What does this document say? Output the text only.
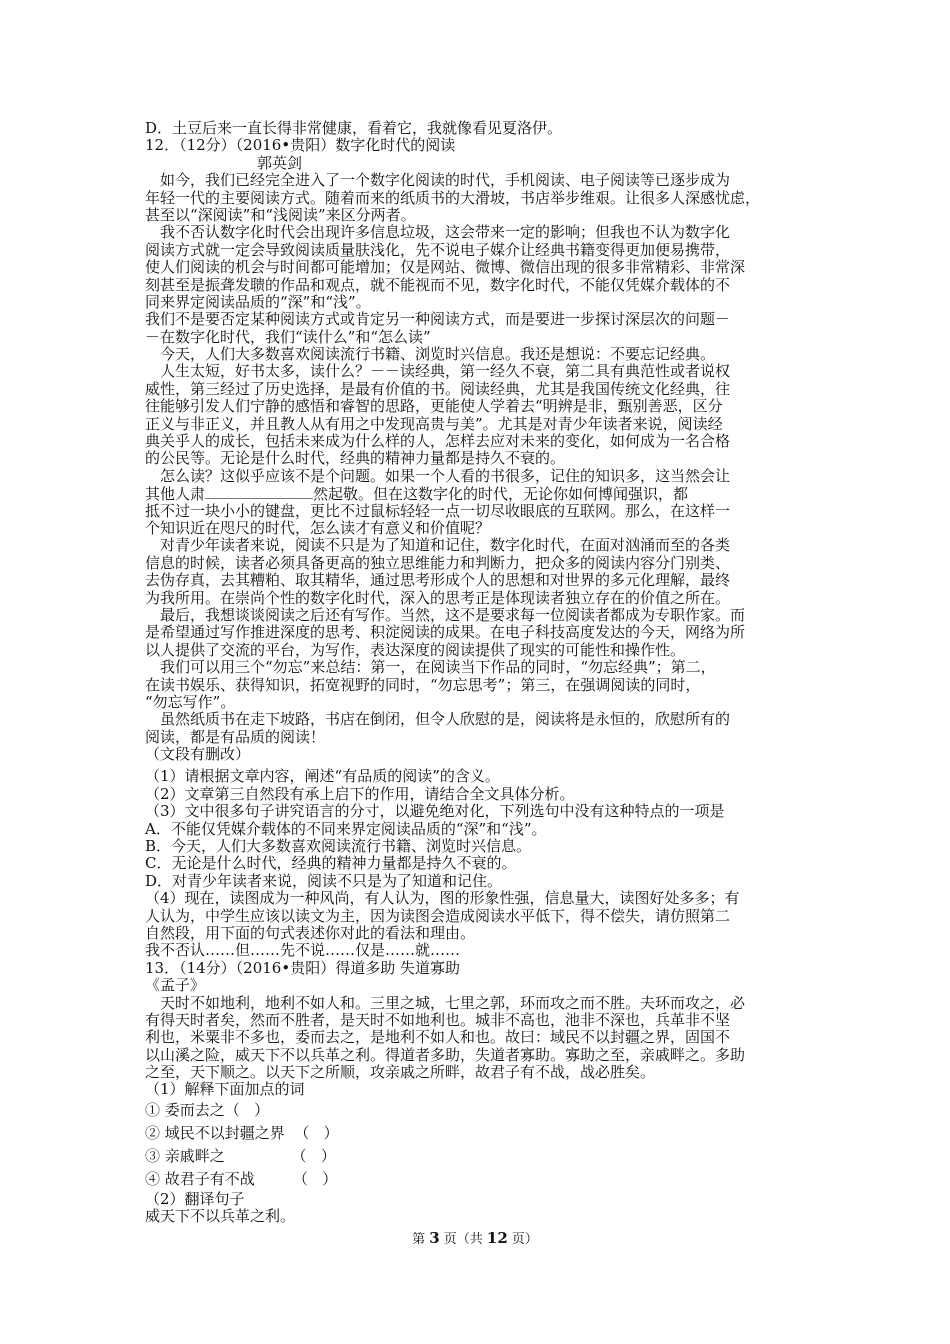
D．土豆后来一直长得非常健康，看着它，我就像看见夏洛伊。
12．（12分）（2016•贵阳）数字化时代的阅读
郭英剑
如今，我们已经完全进入了一个数字化阅读的时代，手机阅读、电子阅读等已逐步成为
年轻一代的主要阅读方式。随着而来的纸质书的大滑坡，书店举步维艰。让很多人深感忧虑，
甚至以“深阅读”和“浅阅读”来区分两者。
我不否认数字化时代会出现许多信息垃圾，这会带来一定的影响；但我也不认为数字化
阅读方式就一定会导致阅读质量肤浅化，先不说电子媒介让经典书籍变得更加便易携带，
使人们阅读的机会与时间都可能增加；仅是网站、微博、微信出现的很多非常精彩、非常深
刻甚至是振聋发聩的作品和观点，就不能视而不见，数字化时代，不能仅凭媒介载体的不
同来界定阅读品质的“深”和“浅”。
我们不是要否定某种阅读方式或肯定另一种阅读方式，而是要进一步探讨深层次的问题－
－在数字化时代，我们“读什么”和“怎么读”
今天，人们大多数喜欢阅读流行书籍、浏览时兴信息。我还是想说：不要忘记经典。
人生太短，好书太多，读什么？－－读经典，第一经久不衰，第二具有典范性或者说权
威性，第三经过了历史选择，是最有价值的书。阅读经典，尤其是我国传统文化经典，往
往能够引发人们宁静的感悟和睿智的思路，更能使人学着去“明辨是非，甄别善恶，区分
正义与非正义，并且教人从有用之中发现高贵与美”。尤其是对青少年读者来说，阅读经
典关乎人的成长，包括未来成为什么样的人，怎样去应对未来的变化，如何成为一名合格
的公民等。无论是什么时代，经典的精神力量都是持久不衰的。
怎么读？这似乎应该不是个问题。如果一个人看的书很多，记住的知识多，这当然会让
其他人肃	然起敬。但在这数字化的时代，无论你如何博闻强识，都
抵不过一块小小的键盘，更比不过鼠标轻轻一点一切尽收眼底的互联网。那么，在这样一
个知识近在咫尺的时代，怎么读才有意义和价值呢？
对青少年读者来说，阅读不只是为了知道和记住，数字化时代，在面对汹涌而至的各类
信息的时候，读者必须具备更高的独立思维能力和判断力，把众多的阅读内容分门别类、
去伪存真，去其糟粕、取其精华，通过思考形成个人的思想和对世界的多元化理解，最终
为我所用。在崇尚个性的数字化时代，深入的思考正是体现读者独立存在的价值之所在。
最后，我想谈谈阅读之后还有写作。当然，这不是要求每一位阅读者都成为专职作家。而
是希望通过写作推进深度的思考、积淀阅读的成果。在电子科技高度发达的今天，网络为所
以人提供了交流的平台，为写作，表达深度的阅读提供了现实的可能性和操作性。
我们可以用三个“勿忘”来总结：第一，在阅读当下作品的同时，“勿忘经典”；第二，
在读书娱乐、获得知识，拓宽视野的同时，“勿忘思考”；第三，在强调阅读的同时，
“勿忘写作”。
虽然纸质书在走下坡路，书店在倒闭，但令人欣慰的是，阅读将是永恒的，欣慰所有的
阅读，都是有品质的阅读！
（文段有删改）
（1）请根据文章内容，阐述“有品质的阅读”的含义。
（2）文章第三自然段有承上启下的作用，请结合全文具体分析。
（3）文中很多句子讲究语言的分寸，以避免绝对化，下列选句中没有这种特点的一项是
A．不能仅凭媒介载体的不同来界定阅读品质的“深”和“浅”。
B．今天，人们大多数喜欢阅读流行书籍、浏览时兴信息。
C．无论是什么时代，经典的精神力量都是持久不衰的。
D．对青少年读者来说，阅读不只是为了知道和记住。
（4）现在，读图成为一种风尚，有人认为，图的形象性强，信息量大，读图好处多多；有
人认为，中学生应该以读文为主，因为读图会造成阅读水平低下，得不偿失，请仿照第二
自然段，用下面的句式表述你对此的看法和理由。
我不否认……但……先不说……仅是……就……
13．（14分）（2016•贵阳）得道多助 失道寡助
《孟子》
天时不如地利，地利不如人和。三里之城，七里之郭，环而攻之而不胜。夫环而攻之，必
有得天时者矣，然而不胜者，是天时不如地利也。城非不高也，池非不深也，兵革非不坚
利也，米粟非不多也，委而去之，是地利不如人和也。故曰：域民不以封疆之界，固国不
以山溪之险，威天下不以兵革之利。得道者多助，失道者寡助。寡助之至，亲戚畔之。多助
之至，天下顺之。以天下之所顺，攻亲戚之所畔，故君子有不战，战必胜矣。
（1）解释下面加点的词
① 委而去之（   ）
② 域民不以封疆之界  （   ）
③ 亲戚畔之              （   ）
④ 故君子有不战        （   ）
（2）翻译句子
威天下不以兵革之利。
第 3 页（共 12 页）
